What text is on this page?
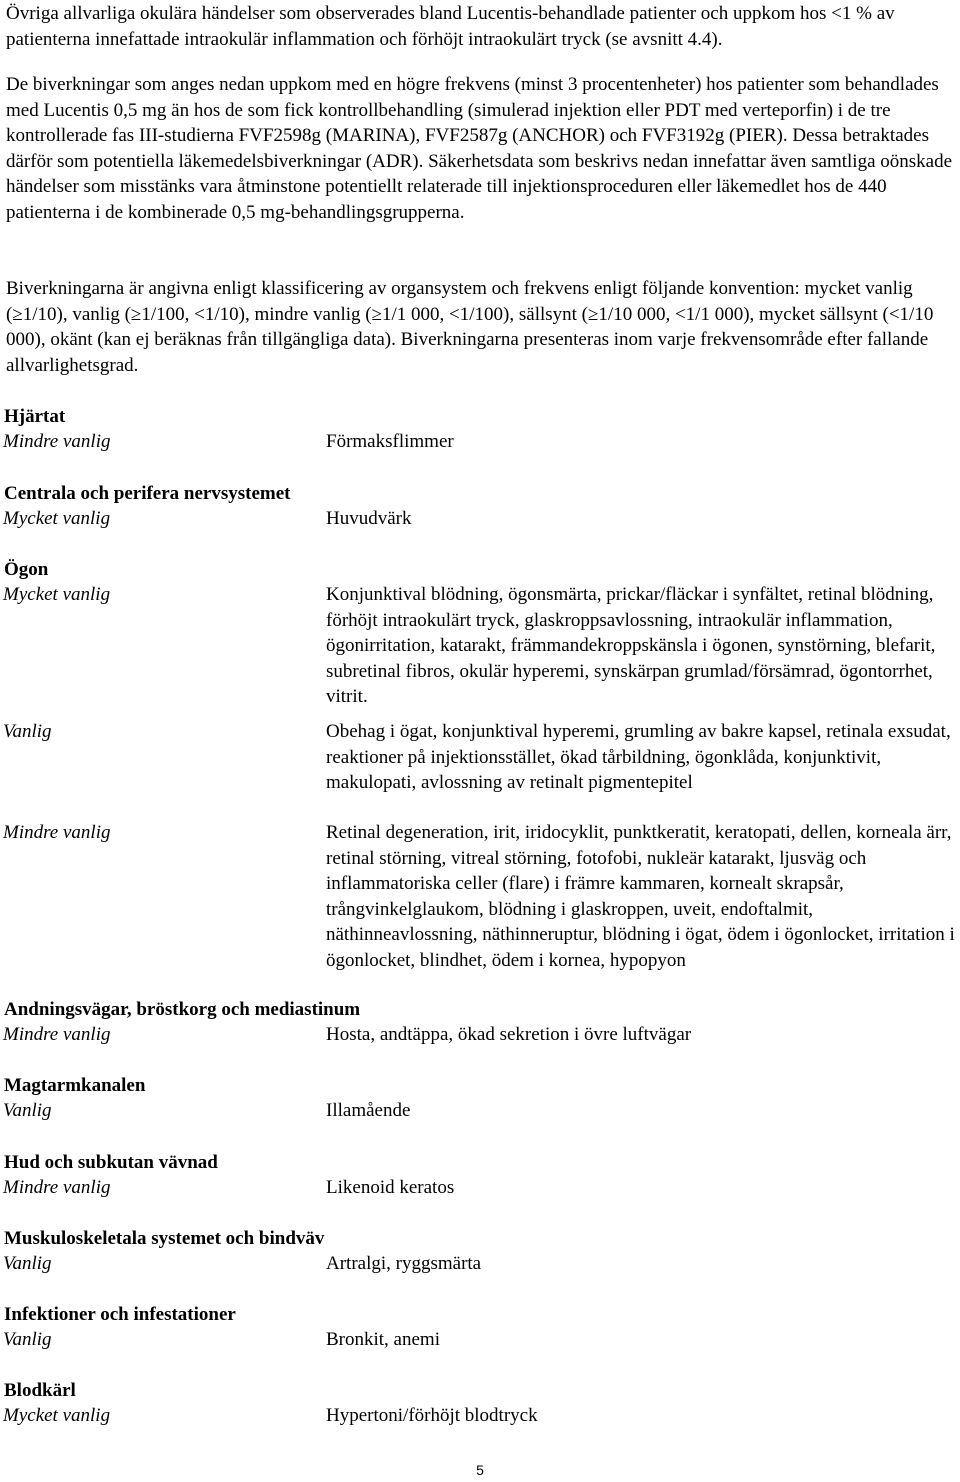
Övriga allvarliga okulära händelser som observerades bland Lucentis-behandlade patienter och uppkom hos <1 % av patienterna innefattade intraokulär inflammation och förhöjt intraokulärt tryck (se avsnitt 4.4).

De biverkningar som anges nedan uppkom med en högre frekvens (minst 3 procentenheter) hos patienter som behandlades med Lucentis 0,5 mg än hos de som fick kontrollbehandling (simulerad injektion eller PDT med verteporfin) i de tre kontrollerade fas III-studierna FVF2598g (MARINA), FVF2587g (ANCHOR) och FVF3192g (PIER). Dessa betraktades därför som potentiella läkemedelsbiverkningar (ADR). Säkerhetsdata som beskrivs nedan innefattar även samtliga oönskade händelser som misstänks vara åtminstone potentiellt relaterade till injektionsproceduren eller läkemedlet hos de 440 patienterna i de kombinerade 0,5 mg-behandlingsgrupperna.

Biverkningarna är angivna enligt klassificering av organsystem och frekvens enligt följande konvention: mycket vanlig (≥1/10), vanlig (≥1/100, <1/10), mindre vanlig (≥1/1 000, <1/100), sällsynt (≥1/10 000, <1/1 000), mycket sällsynt (<1/10 000), okänt (kan ej beräknas från tillgängliga data). Biverkningarna presenteras inom varje frekvensområde efter fallande allvarlighetsgrad.

Hjärtat
Mindre vanlig	Förmaksflimmer
Centrala och perifera nervsystemet
Mycket vanlig	Huvudvärk
Ögon
Mycket vanlig	Konjunktival blödning, ögonsmärta, prickar/fläckar i synfältet, retinal blödning, förhöjt intraokulärt tryck, glaskroppsavlossning, intraokulär inflammation, ögonirritation, katarakt, främmandekroppskänsla i ögonen, synstörning, blefarit, subretinal fibros, okulär hyperemi, synskärpan grumlad/försämrad, ögontorrhet, vitrit.
Vanlig	Obehag i ögat, konjunktival hyperemi, grumling av bakre kapsel, retinala exsudat, reaktioner på injektionsstället, ökad tårbildning, ögonklåda, konjunktivit, makulopati, avlossning av retinalt pigmentepitel
Mindre vanlig	Retinal degeneration, irit, iridocyklit, punktkeratit, keratopati, dellen, korneala ärr, retinal störning, vitreal störning, fotofobi, nukleär katarakt, ljusväg och inflammatoriska celler (flare) i främre kammaren, kornealt skrapsår, trångvinkelglaukom, blödning i glaskroppen, uveit, endoftalmit, näthinneavlossning, näthinneruptur, blödning i ögat, ödem i ögonlocket, irritation i ögonlocket, blindhet, ödem i kornea, hypopyon
Andningsvägar, bröstkorg och mediastinum
Mindre vanlig	Hosta, andtäppa, ökad sekretion i övre luftvägar
Magtarmkanalen
Vanlig	Illamående
Hud och subkutan vävnad
Mindre vanlig	Likenoid keratos
Muskuloskeletala systemet och bindväv
Vanlig	Artralgi, ryggsmärta
Infektioner och infestationer
Vanlig	Bronkit, anemi
Blodkärl
Mycket vanlig	Hypertoni/förhöjt blodtryck
5
